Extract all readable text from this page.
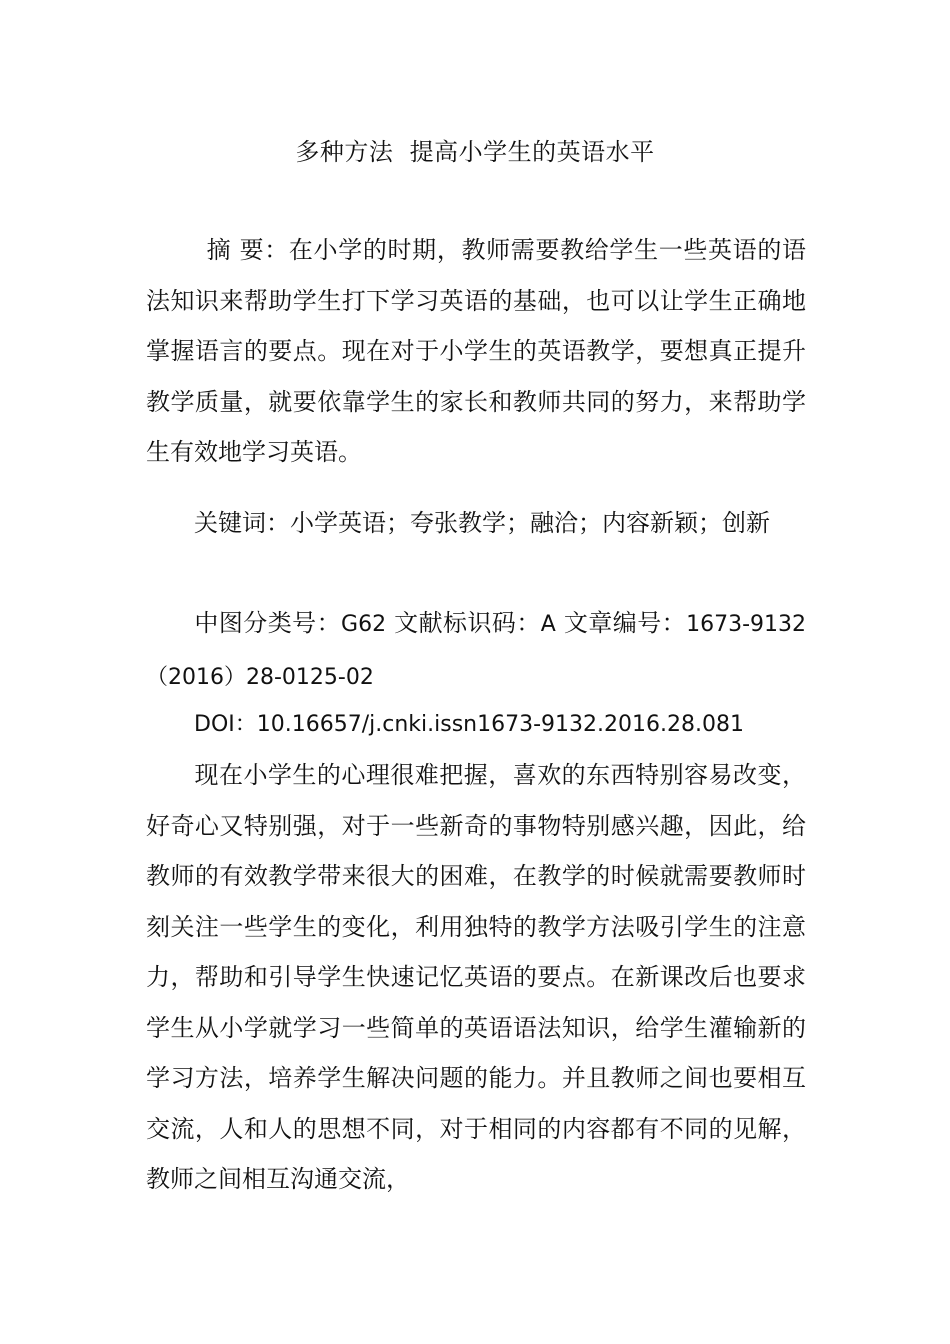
多种方法  提高小学生的英语水平
摘 要：在小学的时期，教师需要教给学生一些英语的语法知识来帮助学生打下学习英语的基础，也可以让学生正确地掌握语言的要点。现在对于小学生的英语教学，要想真正提升教学质量，就要依靠学生的家长和教师共同的努力，来帮助学生有效地学习英语。
关键词：小学英语；夸张教学；融洽；内容新颖；创新
中图分类号：G62 文献标识码：A 文章编号：1673-9132（2016）28-0125-02
DOI：10.16657/j.cnki.issn1673-9132.2016.28.081
现在小学生的心理很难把握，喜欢的东西特别容易改变，好奇心又特别强，对于一些新奇的事物特别感兴趣，因此，给教师的有效教学带来很大的困难，在教学的时候就需要教师时刻关注一些学生的变化，利用独特的教学方法吸引学生的注意力，帮助和引导学生快速记忆英语的要点。在新课改后也要求学生从小学就学习一些简单的英语语法知识，给学生灌输新的学习方法，培养学生解决问题的能力。并且教师之间也要相互交流，人和人的思想不同，对于相同的内容都有不同的见解，教师之间相互沟通交流，
